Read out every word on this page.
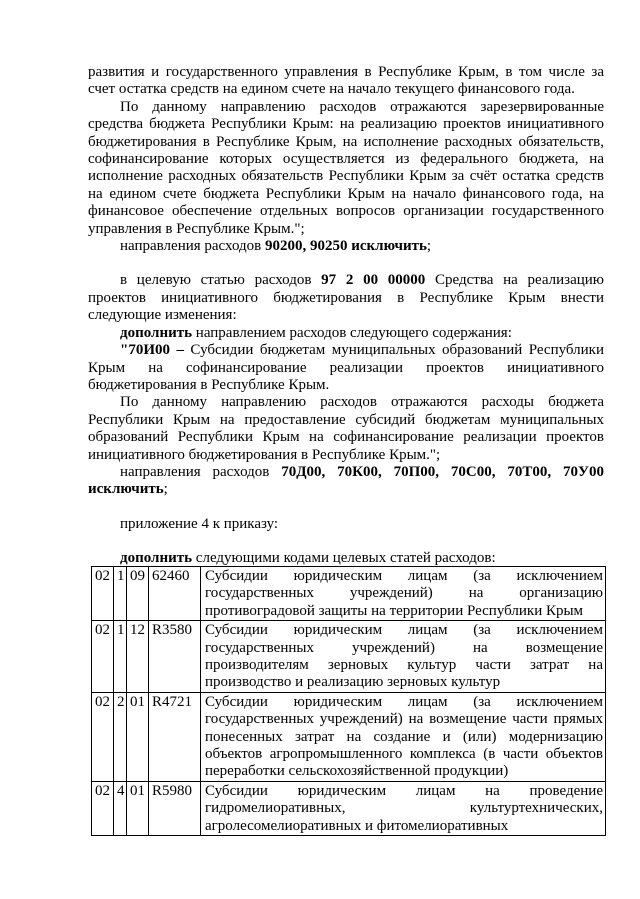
развития и государственного управления в Республике Крым, в том числе за счет остатка средств на едином счете на начало текущего финансового года.

По данному направлению расходов отражаются зарезервированные средства бюджета Республики Крым: на реализацию проектов инициативного бюджетирования в Республике Крым, на исполнение расходных обязательств, софинансирование которых осуществляется из федерального бюджета, на исполнение расходных обязательств Республики Крым за счёт остатка средств на едином счете бюджета Республики Крым на начало финансового года, на финансовое обеспечение отдельных вопросов организации государственного управления в Республике Крым.";

направления расходов 90200, 90250 исключить;

в целевую статью расходов 97 2 00 00000 Средства на реализацию проектов инициативного бюджетирования в Республике Крым внести следующие изменения:

дополнить направлением расходов следующего содержания:

"70И00 – Субсидии бюджетам муниципальных образований Республики Крым на софинансирование реализации проектов инициативного бюджетирования в Республике Крым.

По данному направлению расходов отражаются расходы бюджета Республики Крым на предоставление субсидий бюджетам муниципальных образований Республики Крым на софинансирование реализации проектов инициативного бюджетирования в Республике Крым.";

направления расходов 70Д00, 70К00, 70П00, 70С00, 70Т00, 70У00 исключить;

приложение 4 к приказу:

дополнить следующими кодами целевых статей расходов:

02	1	09	62460	Субсидии юридическим лицам (за исключением государственных учреждений) на организацию противоградовой защиты на территории Республики Крым
02	1	12	R3580	Субсидии юридическим лицам (за исключением государственных учреждений) на возмещение производителям зерновых культур части затрат на производство и реализацию зерновых культур
02	2	01	R4721	Субсидии юридическим лицам (за исключением государственных учреждений) на возмещение части прямых понесенных затрат на создание и (или) модернизацию объектов агропромышленного комплекса (в части объектов переработки сельскохозяйственной продукции)
02	4	01	R5980	Субсидии юридическим лицам на проведение гидромелиоративных, культуртехнических, агролесомелиоративных и фитомелиоративных
